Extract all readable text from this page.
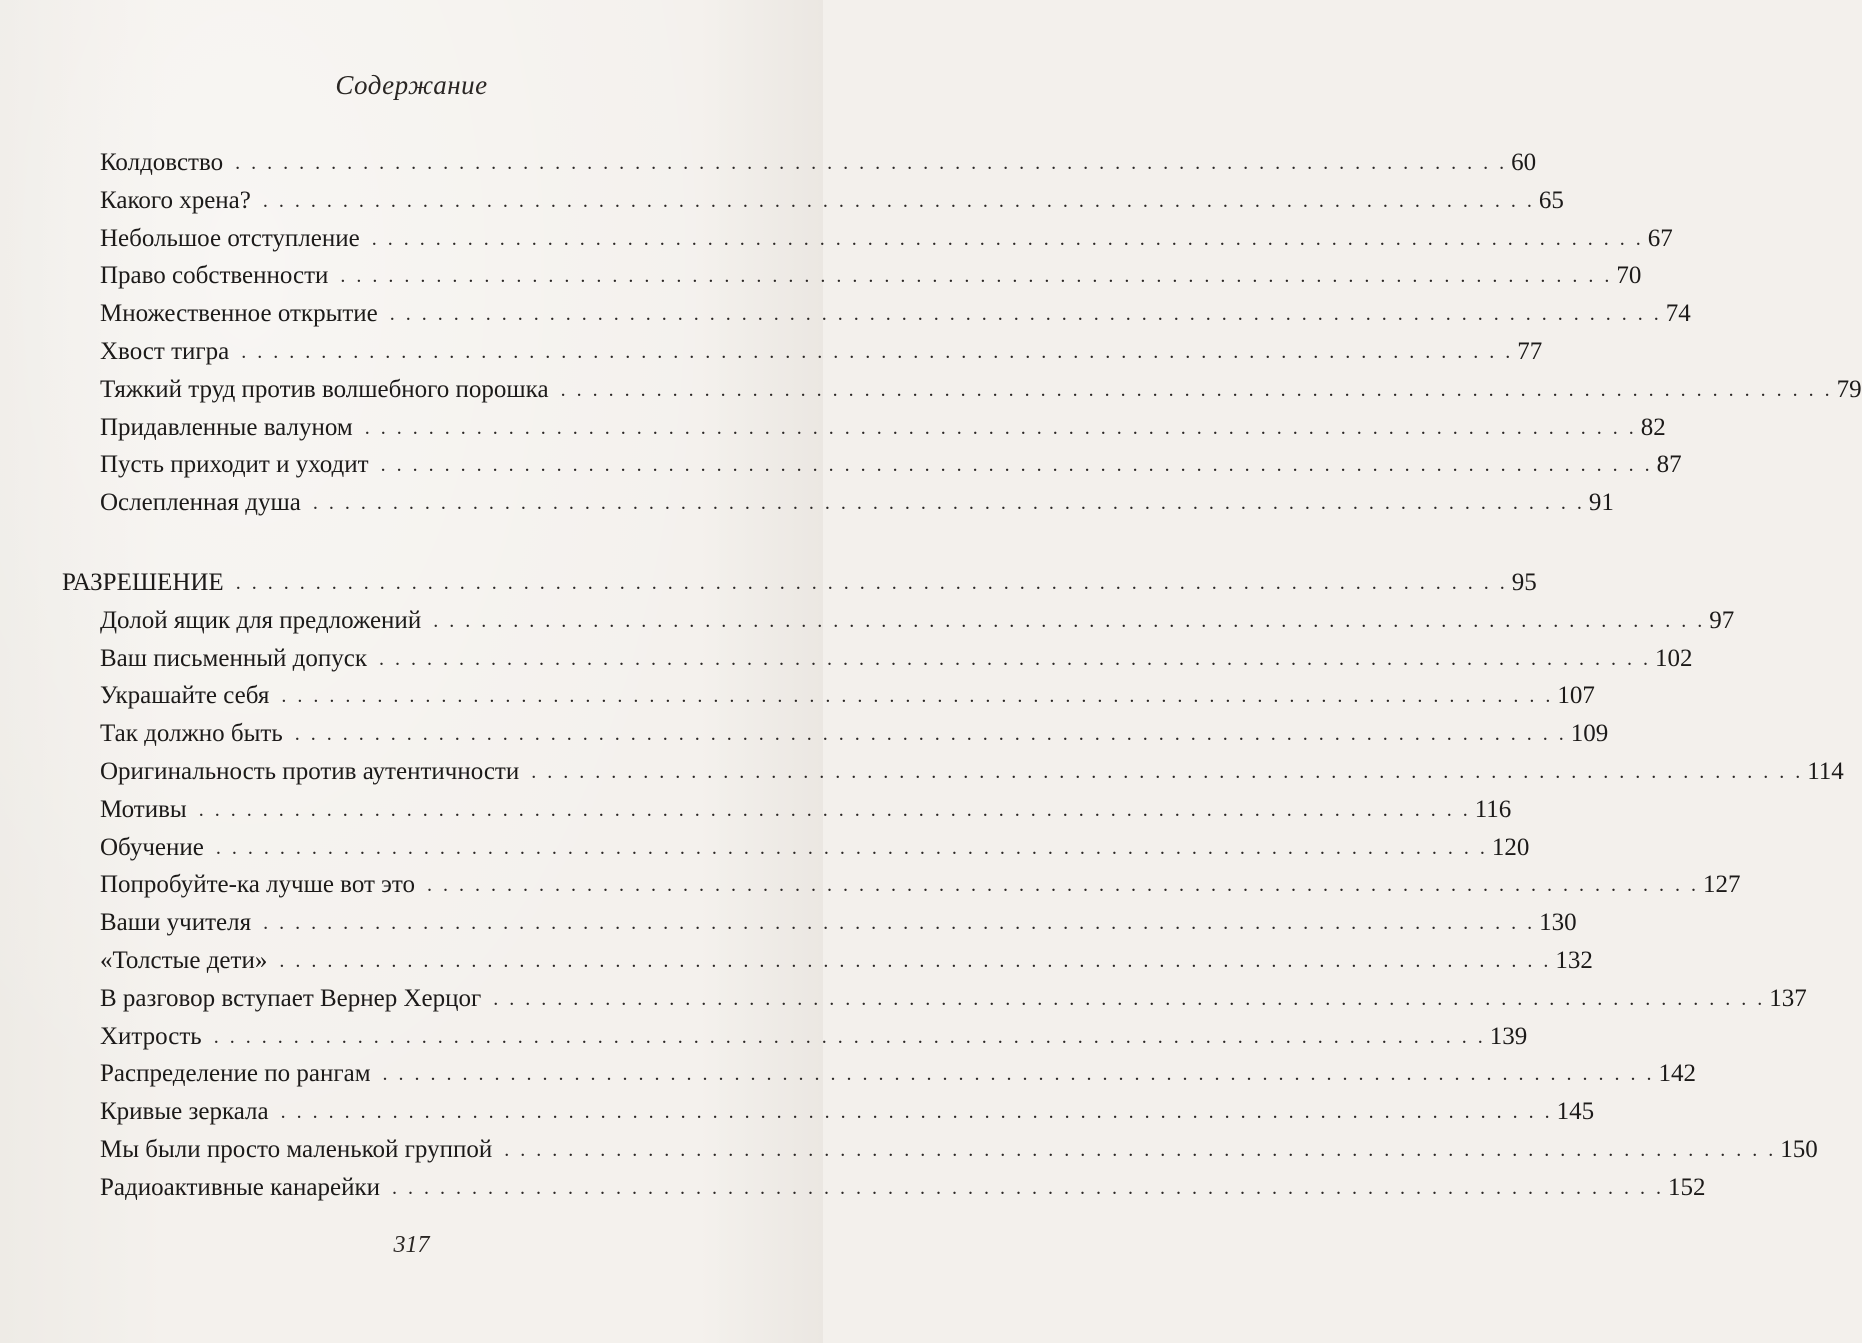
Содержание
Колдовство . . . . . . . . . . . . . . . . . . . . . . . . . . . . . . . . . . . . . . . . . . . . . . . . . . . . . . . . . . . . . . . . . . . . . . . . . . . . . . . . 60
Какого хрена? . . . . . . . . . . . . . . . . . . . . . . . . . . . . . . . . . . . . . . . . . . . . . . . . . . . . . . . . . . . . . . . . . . . . . . . . . . . . . . . . 65
Небольшое отступление . . . . . . . . . . . . . . . . . . . . . . . . . . . . . . . . . . . . . . . . . . . . . . . . . . . . . . . . . . . . . . . . . . . . . . . . . . . . . . . . 67
Право собственности . . . . . . . . . . . . . . . . . . . . . . . . . . . . . . . . . . . . . . . . . . . . . . . . . . . . . . . . . . . . . . . . . . . . . . . . . . . . . . . . 70
Множественное открытие . . . . . . . . . . . . . . . . . . . . . . . . . . . . . . . . . . . . . . . . . . . . . . . . . . . . . . . . . . . . . . . . . . . . . . . . . . . . . . . . 74
Хвост тигра . . . . . . . . . . . . . . . . . . . . . . . . . . . . . . . . . . . . . . . . . . . . . . . . . . . . . . . . . . . . . . . . . . . . . . . . . . . . . . . . 77
Тяжкий труд против волшебного порошка . . . . . . . . . . . . . . . . . . . . . . . . . . . . . . . . . . . . . . . . . . . . . . . . . . . . . . . . . . . . . . . . . . . . . . . . . . . . . . . . 79
Придавленные валуном . . . . . . . . . . . . . . . . . . . . . . . . . . . . . . . . . . . . . . . . . . . . . . . . . . . . . . . . . . . . . . . . . . . . . . . . . . . . . . . . 82
Пусть приходит и уходит . . . . . . . . . . . . . . . . . . . . . . . . . . . . . . . . . . . . . . . . . . . . . . . . . . . . . . . . . . . . . . . . . . . . . . . . . . . . . . . . 87
Ослепленная душа . . . . . . . . . . . . . . . . . . . . . . . . . . . . . . . . . . . . . . . . . . . . . . . . . . . . . . . . . . . . . . . . . . . . . . . . . . . . . . . . 91
РАЗРЕШЕНИЕ . . . . . . . . . . . . . . . . . . . . . . . . . . . . . . . . . . . . . . . . . . . . . . . . . . . . . . . . . . . . . . . . . . . . . . . . . . . . . . . . 95
Долой ящик для предложений . . . . . . . . . . . . . . . . . . . . . . . . . . . . . . . . . . . . . . . . . . . . . . . . . . . . . . . . . . . . . . . . . . . . . . . . . . . . . . . . 97
Ваш письменный допуск . . . . . . . . . . . . . . . . . . . . . . . . . . . . . . . . . . . . . . . . . . . . . . . . . . . . . . . . . . . . . . . . . . . . . . . . . . . . . . . . 102
Украшайте себя . . . . . . . . . . . . . . . . . . . . . . . . . . . . . . . . . . . . . . . . . . . . . . . . . . . . . . . . . . . . . . . . . . . . . . . . . . . . . . . . 107
Так должно быть . . . . . . . . . . . . . . . . . . . . . . . . . . . . . . . . . . . . . . . . . . . . . . . . . . . . . . . . . . . . . . . . . . . . . . . . . . . . . . . . 109
Оригинальность против аутентичности . . . . . . . . . . . . . . . . . . . . . . . . . . . . . . . . . . . . . . . . . . . . . . . . . . . . . . . . . . . . . . . . . . . . . . . . . . . . . . . . 114
Мотивы . . . . . . . . . . . . . . . . . . . . . . . . . . . . . . . . . . . . . . . . . . . . . . . . . . . . . . . . . . . . . . . . . . . . . . . . . . . . . . . . 116
Обучение . . . . . . . . . . . . . . . . . . . . . . . . . . . . . . . . . . . . . . . . . . . . . . . . . . . . . . . . . . . . . . . . . . . . . . . . . . . . . . . . 120
Попробуйте-ка лучше вот это . . . . . . . . . . . . . . . . . . . . . . . . . . . . . . . . . . . . . . . . . . . . . . . . . . . . . . . . . . . . . . . . . . . . . . . . . . . . . . . . 127
Ваши учителя . . . . . . . . . . . . . . . . . . . . . . . . . . . . . . . . . . . . . . . . . . . . . . . . . . . . . . . . . . . . . . . . . . . . . . . . . . . . . . . . 130
«Толстые дети» . . . . . . . . . . . . . . . . . . . . . . . . . . . . . . . . . . . . . . . . . . . . . . . . . . . . . . . . . . . . . . . . . . . . . . . . . . . . . . . . 132
В разговор вступает Вернер Херцог . . . . . . . . . . . . . . . . . . . . . . . . . . . . . . . . . . . . . . . . . . . . . . . . . . . . . . . . . . . . . . . . . . . . . . . . . . . . . . . . 137
Хитрость . . . . . . . . . . . . . . . . . . . . . . . . . . . . . . . . . . . . . . . . . . . . . . . . . . . . . . . . . . . . . . . . . . . . . . . . . . . . . . . . 139
Распределение по рангам . . . . . . . . . . . . . . . . . . . . . . . . . . . . . . . . . . . . . . . . . . . . . . . . . . . . . . . . . . . . . . . . . . . . . . . . . . . . . . . . 142
Кривые зеркала . . . . . . . . . . . . . . . . . . . . . . . . . . . . . . . . . . . . . . . . . . . . . . . . . . . . . . . . . . . . . . . . . . . . . . . . . . . . . . . . 145
Мы были просто маленькой группой . . . . . . . . . . . . . . . . . . . . . . . . . . . . . . . . . . . . . . . . . . . . . . . . . . . . . . . . . . . . . . . . . . . . . . . . . . . . . . . . 150
Радиоактивные канарейки . . . . . . . . . . . . . . . . . . . . . . . . . . . . . . . . . . . . . . . . . . . . . . . . . . . . . . . . . . . . . . . . . . . . . . . . . . . . . . . . 152
317
